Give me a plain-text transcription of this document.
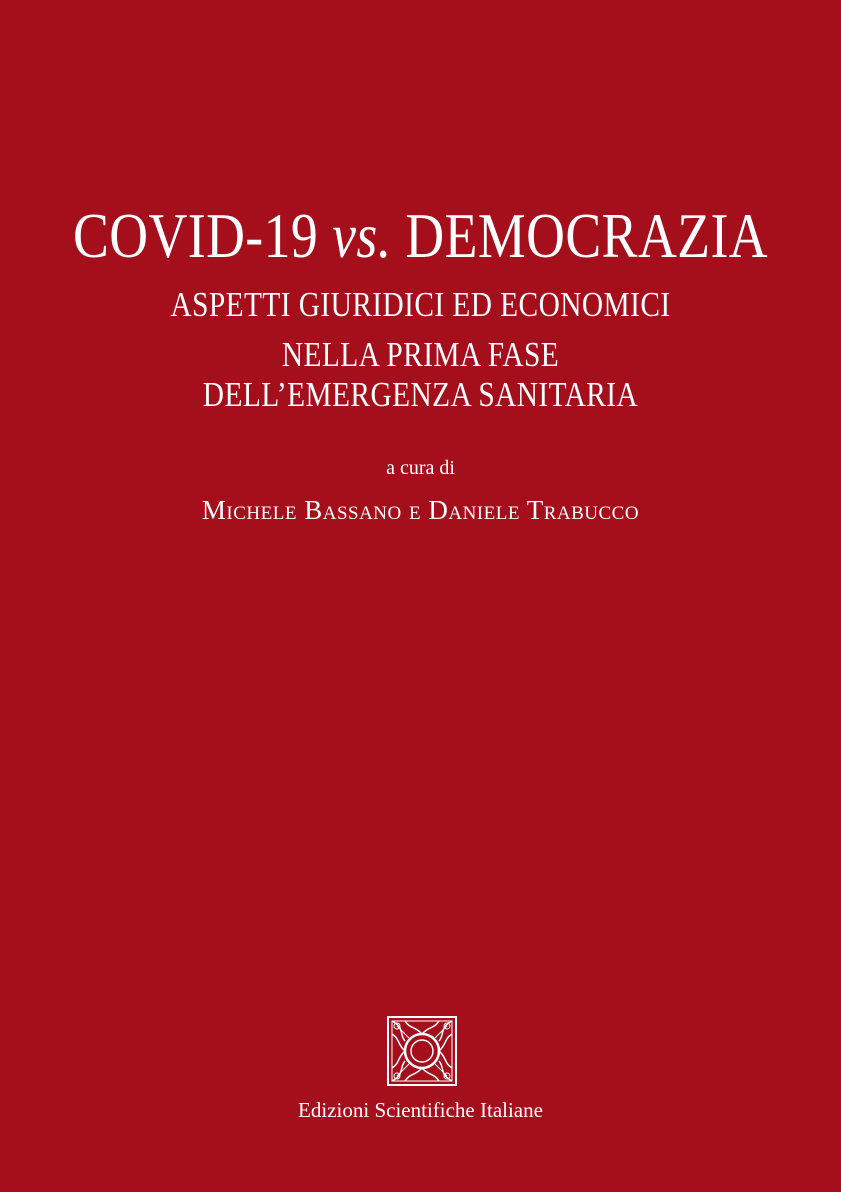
COVID-19 vs. DEMOCRAZIA
ASPETTI GIURIDICI ED ECONOMICI
NELLA PRIMA FASE
DELL’EMERGENZA SANITARIA
a cura di
Michele Bassano e Daniele Trabucco
Edizioni Scientifiche Italiane
